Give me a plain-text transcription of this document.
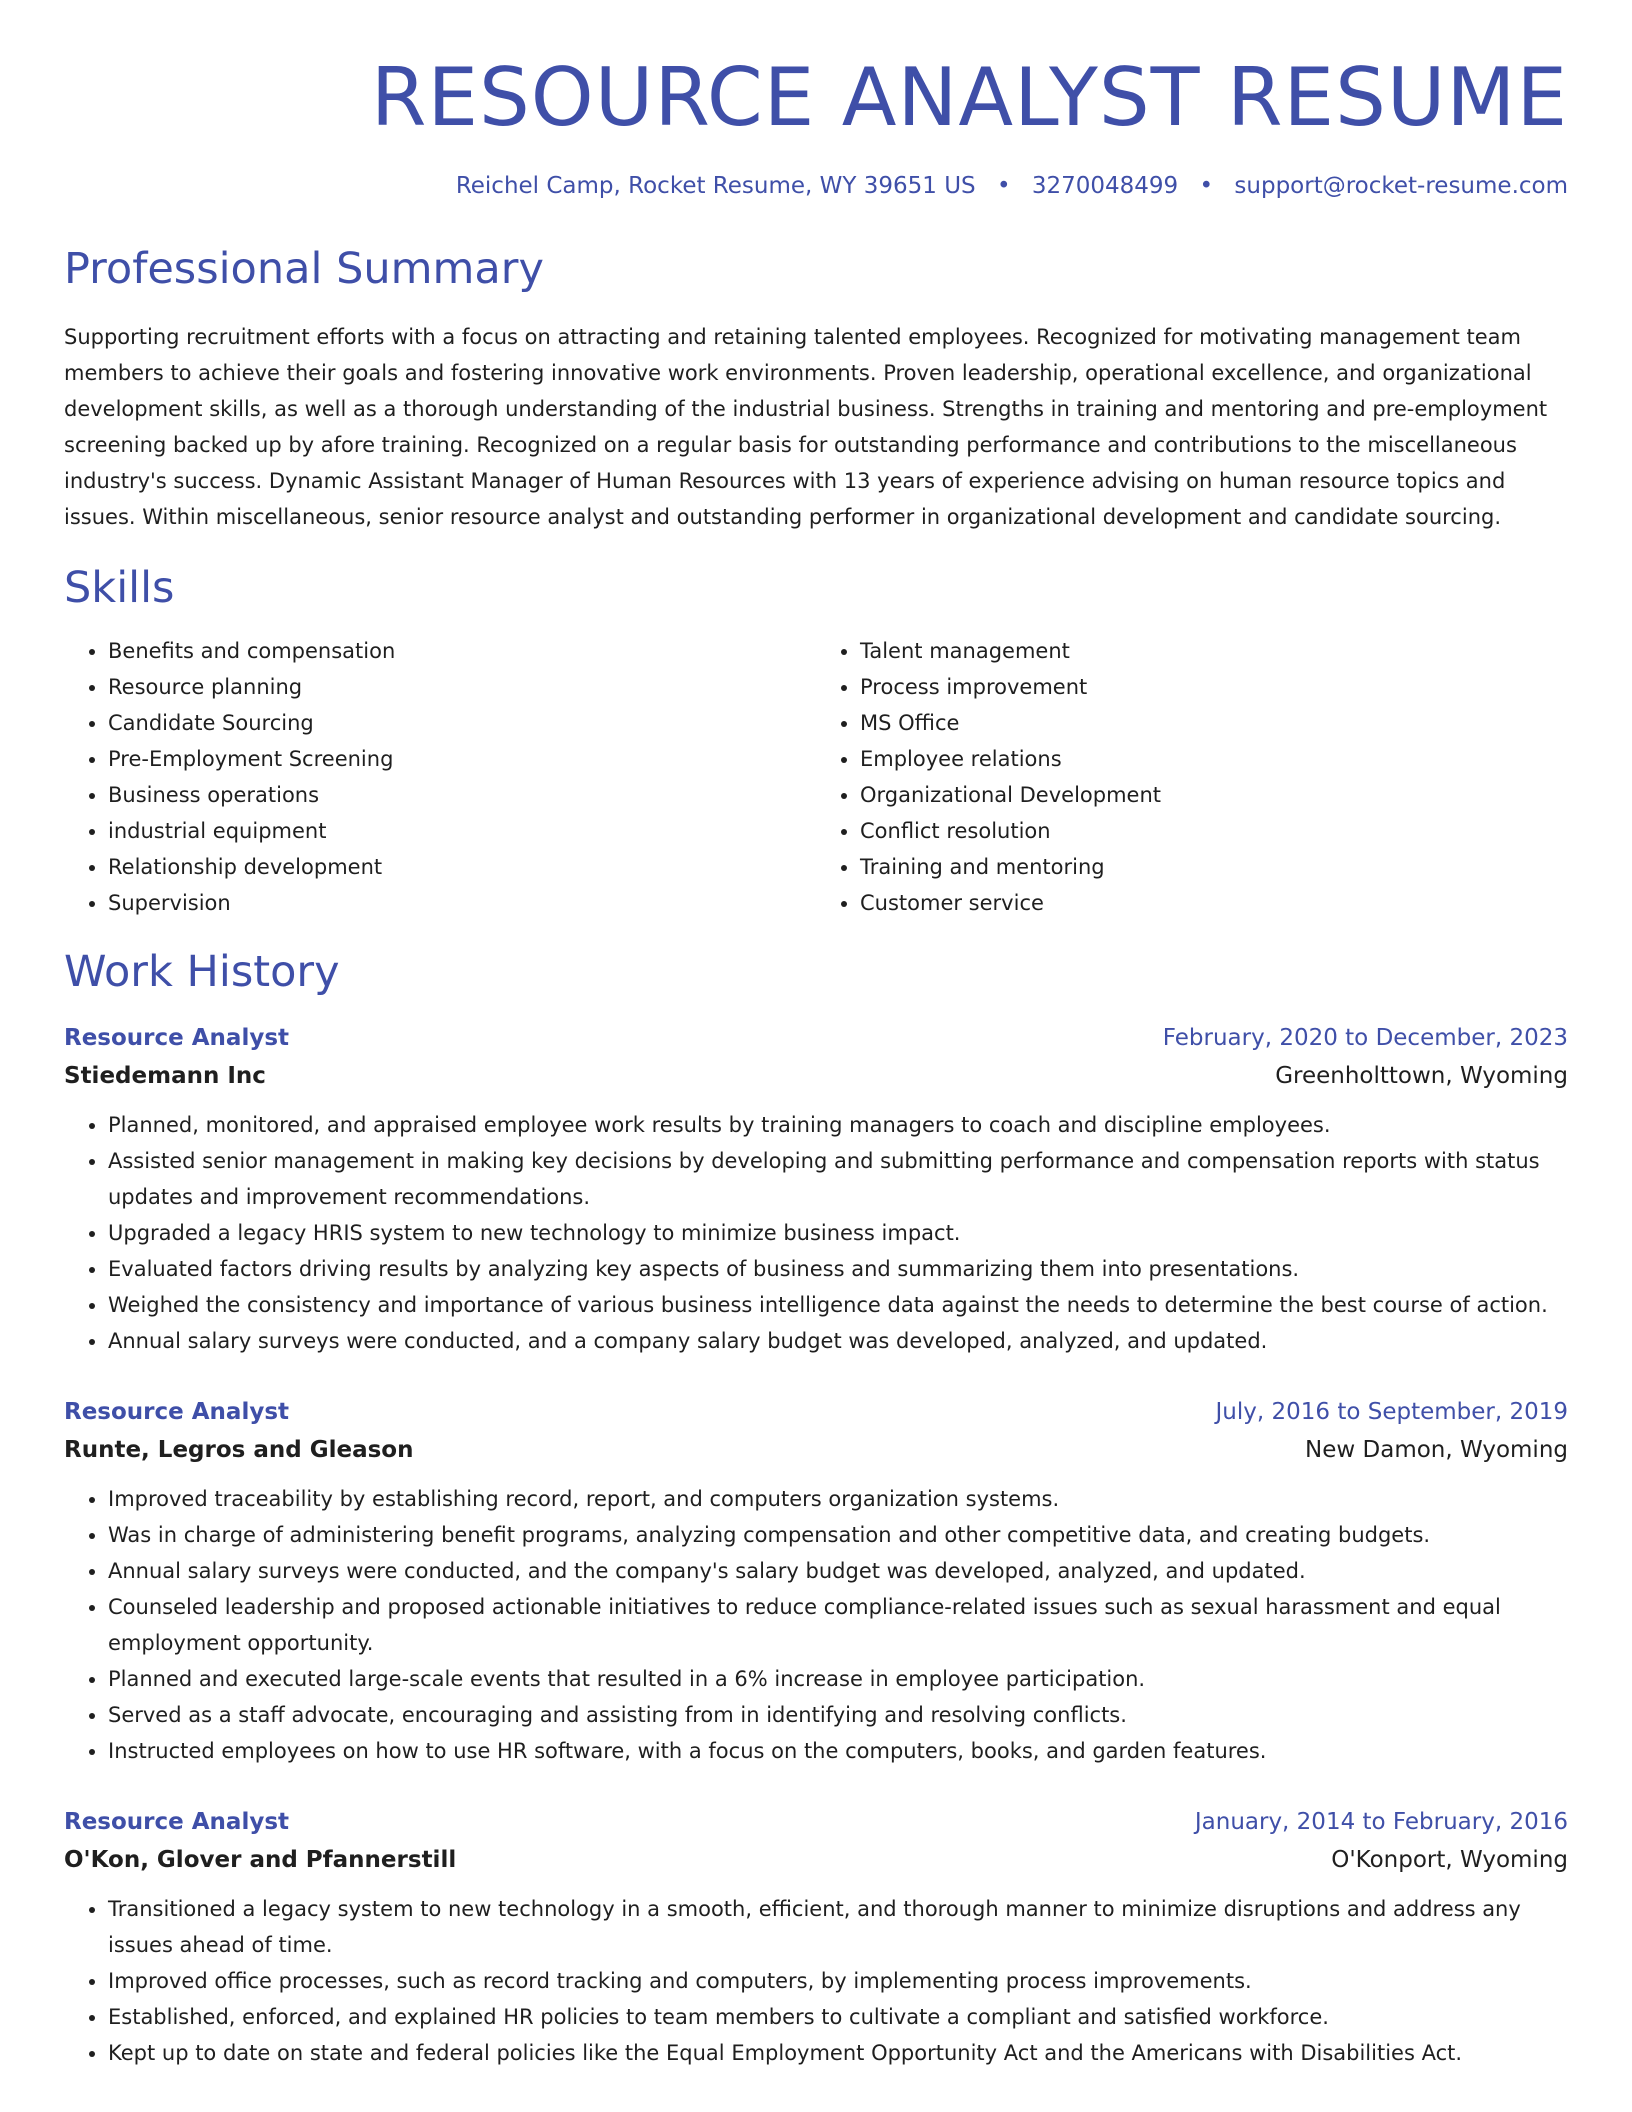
RESOURCE ANALYST RESUME
Reichel Camp, Rocket Resume, WY 39651 US • 3270048499 • support@rocket-resume.com
Professional Summary

Supporting recruitment efforts with a focus on attracting and retaining talented employees. Recognized for motivating management team members to achieve their goals and fostering innovative work environments. Proven leadership, operational excellence, and organizational development skills, as well as a thorough understanding of the industrial business. Strengths in training and mentoring and pre-employment screening backed up by afore training. Recognized on a regular basis for outstanding performance and contributions to the miscellaneous industry's success. Dynamic Assistant Manager of Human Resources with 13 years of experience advising on human resource topics and issues. Within miscellaneous, senior resource analyst and outstanding performer in organizational development and candidate sourcing.

Skills
• Benefits and compensation
• Resource planning
• Candidate Sourcing
• Pre-Employment Screening
• Business operations
• industrial equipment
• Relationship development
• Supervision
• Talent management
• Process improvement
• MS Office
• Employee relations
• Organizational Development
• Conflict resolution
• Training and mentoring
• Customer service
Work History
Resource Analyst	February, 2020 to December, 2023
Stiedemann Inc	Greenholttown, Wyoming
• Planned, monitored, and appraised employee work results by training managers to coach and discipline employees.
• Assisted senior management in making key decisions by developing and submitting performance and compensation reports with status updates and improvement recommendations.
• Upgraded a legacy HRIS system to new technology to minimize business impact.
• Evaluated factors driving results by analyzing key aspects of business and summarizing them into presentations.
• Weighed the consistency and importance of various business intelligence data against the needs to determine the best course of action.
• Annual salary surveys were conducted, and a company salary budget was developed, analyzed, and updated.
Resource Analyst	July, 2016 to September, 2019
Runte, Legros and Gleason	New Damon, Wyoming
• Improved traceability by establishing record, report, and computers organization systems.
• Was in charge of administering benefit programs, analyzing compensation and other competitive data, and creating budgets.
• Annual salary surveys were conducted, and the company's salary budget was developed, analyzed, and updated.
• Counseled leadership and proposed actionable initiatives to reduce compliance-related issues such as sexual harassment and equal employment opportunity.
• Planned and executed large-scale events that resulted in a 6% increase in employee participation.
• Served as a staff advocate, encouraging and assisting from in identifying and resolving conflicts.
• Instructed employees on how to use HR software, with a focus on the computers, books, and garden features.
Resource Analyst	January, 2014 to February, 2016
O'Kon, Glover and Pfannerstill	O'Konport, Wyoming
• Transitioned a legacy system to new technology in a smooth, efficient, and thorough manner to minimize disruptions and address any issues ahead of time.
• Improved office processes, such as record tracking and computers, by implementing process improvements.
• Established, enforced, and explained HR policies to team members to cultivate a compliant and satisfied workforce.
• Kept up to date on state and federal policies like the Equal Employment Opportunity Act and the Americans with Disabilities Act.
